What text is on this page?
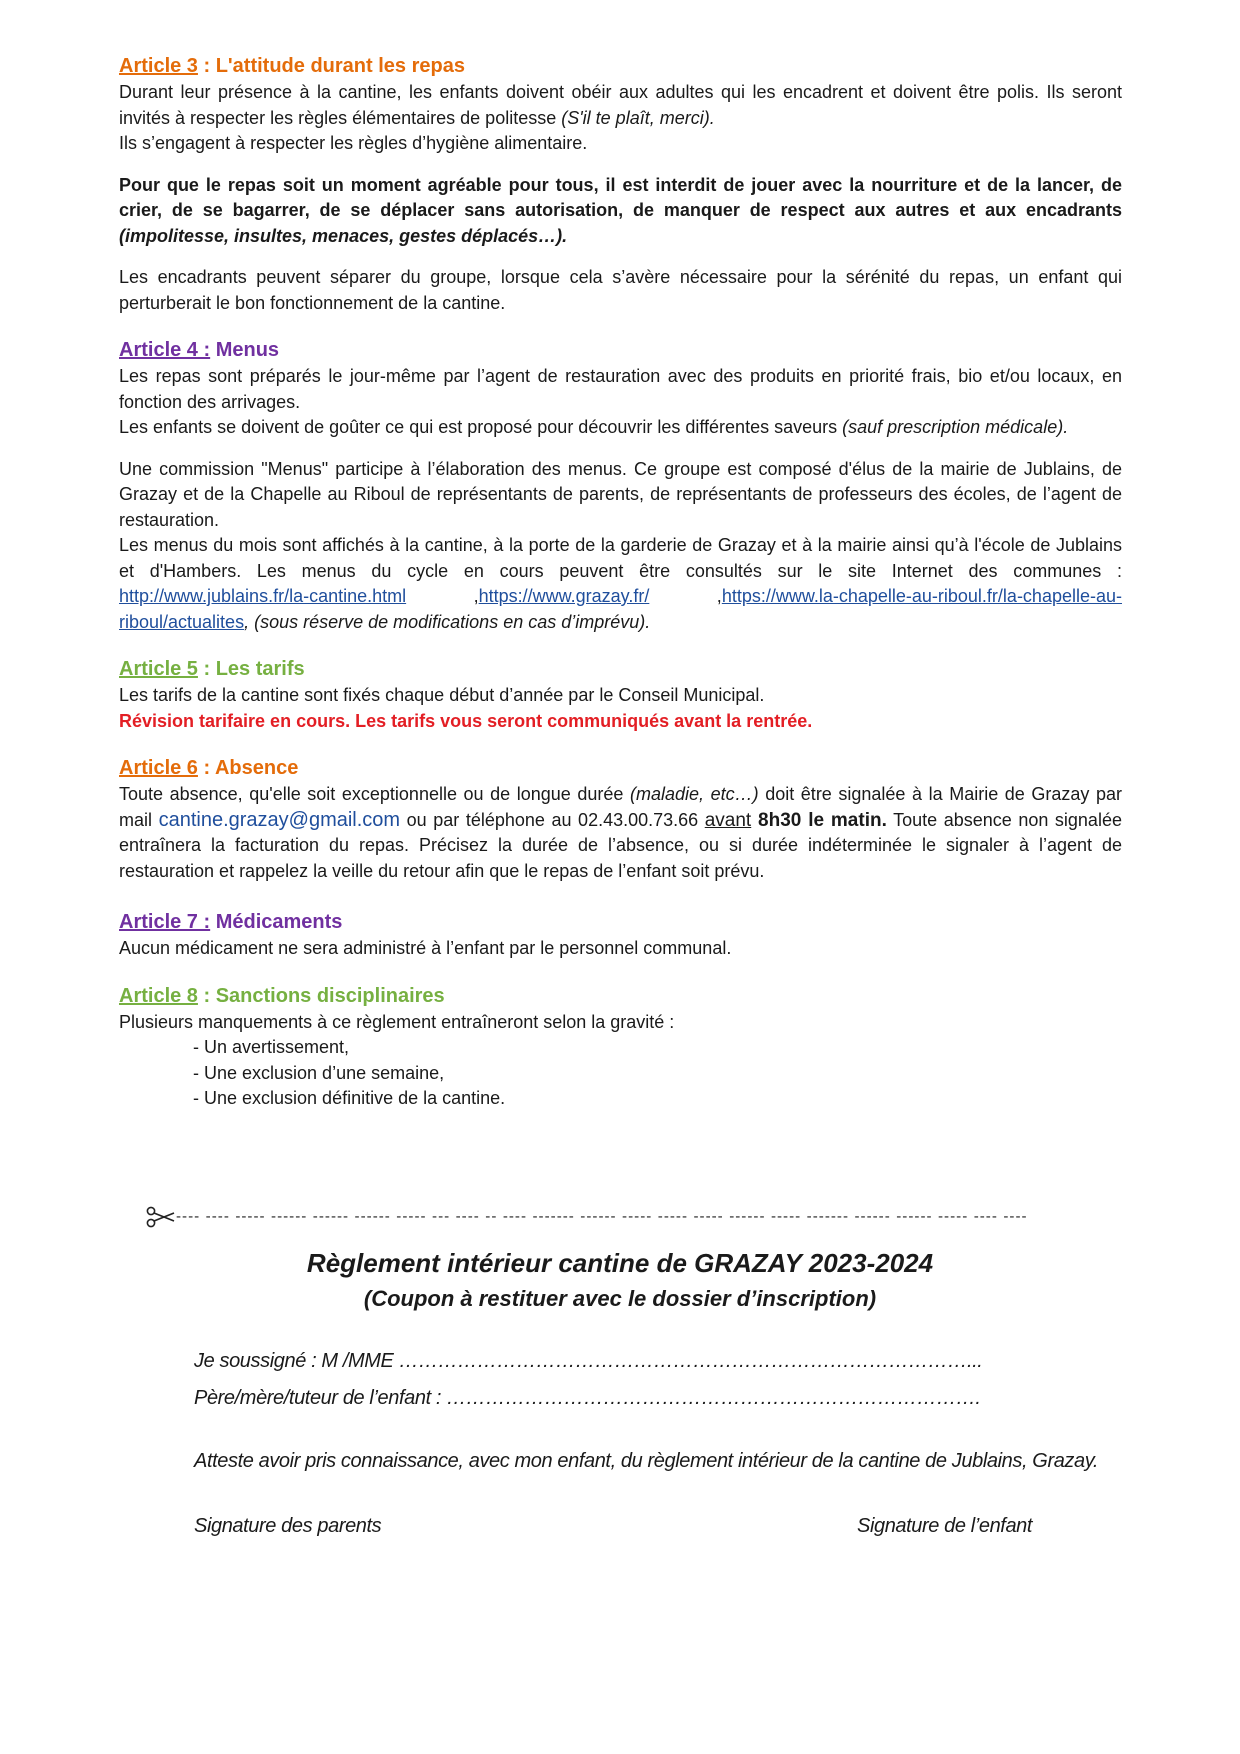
Article 3 : L'attitude durant les repas

Durant leur présence à la cantine, les enfants doivent obéir aux adultes qui les encadrent et doivent être polis. Ils seront invités à respecter les règles élémentaires de politesse (S'il te plaît, merci).

Ils s’engagent à respecter les règles d’hygiène alimentaire.

Pour que le repas soit un moment agréable pour tous, il est interdit de jouer avec la nourriture et de la lancer, de crier, de se bagarrer, de se déplacer sans autorisation, de manquer de respect aux autres et aux encadrants (impolitesse, insultes, menaces, gestes déplacés…).

Les encadrants peuvent séparer du groupe, lorsque cela s’avère nécessaire pour la sérénité du repas, un enfant qui perturberait le bon fonctionnement de la cantine.

Article 4 : Menus

Les repas sont préparés le jour-même par l’agent de restauration avec des produits en priorité frais, bio et/ou locaux, en fonction des arrivages.

Les enfants se doivent de goûter ce qui est proposé pour découvrir les différentes saveurs (sauf prescription médicale).

Une commission "Menus" participe à l’élaboration des menus. Ce groupe est composé d'élus de la mairie de Jublains, de Grazay et de la Chapelle au Riboul de représentants de parents, de représentants de professeurs des écoles, de l’agent de restauration.

Les menus du mois sont affichés à la cantine, à la porte de la garderie de Grazay et à la mairie ainsi qu’à l'école de Jublains et d'Hambers. Les menus du cycle en cours peuvent être consultés sur le site Internet des communes : http://www.jublains.fr/la-cantine.html ,https://www.grazay.fr/ ,https://www.la-chapelle-au-riboul.fr/la-chapelle-au-riboul/actualites, (sous réserve de modifications en cas d’imprévu).

Article 5 : Les tarifs

Les tarifs de la cantine sont fixés chaque début d’année par le Conseil Municipal.

Révision tarifaire en cours. Les tarifs vous seront communiqués avant la rentrée.

Article 6 : Absence

Toute absence, qu'elle soit exceptionnelle ou de longue durée (maladie, etc…) doit être signalée à la Mairie de Grazay par mail cantine.grazay@gmail.com ou par téléphone au 02.43.00.73.66 avant 8h30 le matin. Toute absence non signalée entraînera la facturation du repas. Précisez la durée de l’absence, ou si durée indéterminée le signaler à l’agent de restauration et rappelez la veille du retour afin que le repas de l’enfant soit prévu.

Article 7 : Médicaments

Aucun médicament ne sera administré à l’enfant par le personnel communal.

Article 8 : Sanctions disciplinaires

Plusieurs manquements à ce règlement entraîneront selon la gravité :

- Un avertissement,
- Une exclusion d’une semaine,
- Une exclusion définitive de la cantine.
---- ---- ----- ------ ------ ------ ----- --- ---- -- ---- ------- ------ ----- ----- ----- ------ ----- ------- ------ ------ ----- ---- ----
Règlement intérieur cantine de GRAZAY 2023-2024
(Coupon à restituer avec le dossier d’inscription)
Je soussigné : M /MME ……………………………………………………………………………...
Père/mère/tuteur de l’enfant : ……………………………………………………………………….
Atteste avoir pris connaissance, avec mon enfant, du règlement intérieur de la cantine de Jublains, Grazay.
Signature des parents	Signature de l’enfant
